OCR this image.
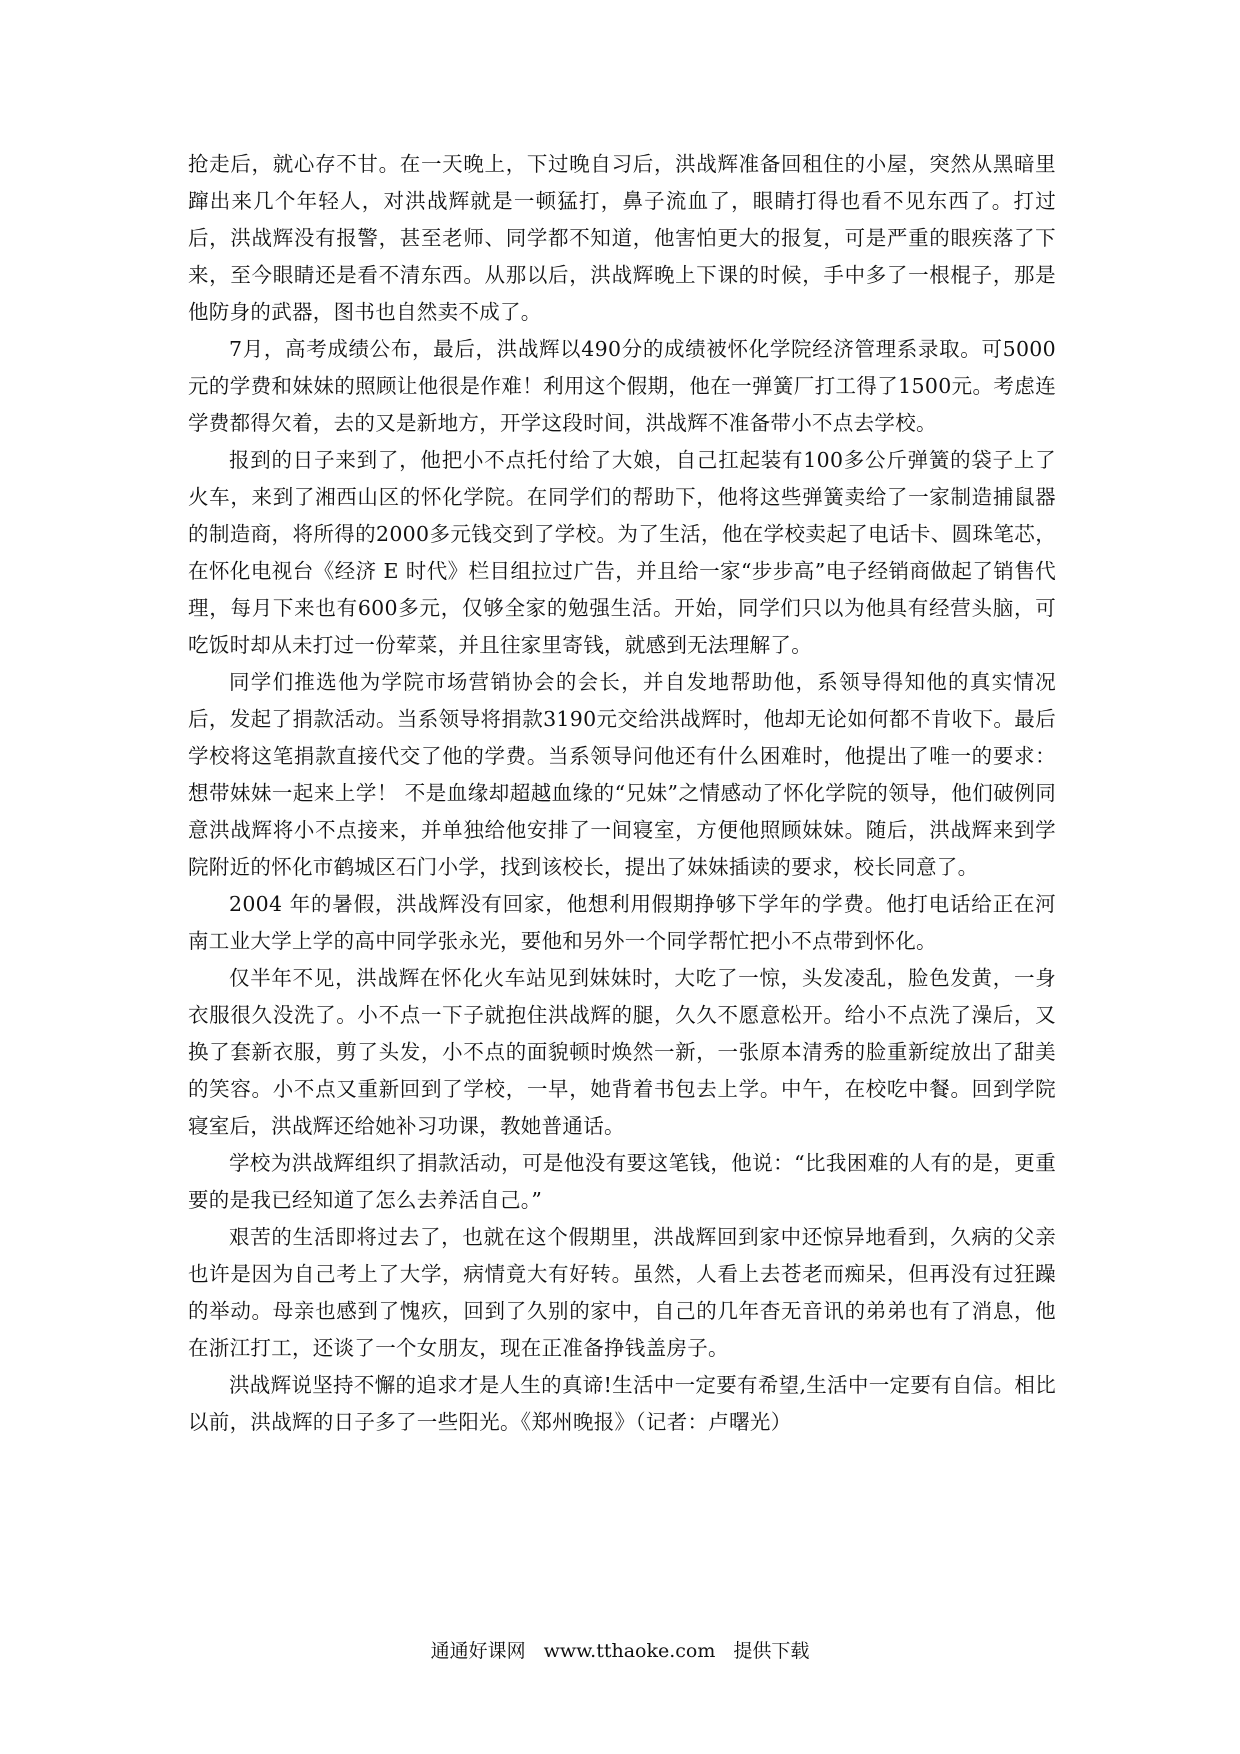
抢走后，就心存不甘。在一天晚上，下过晚自习后，洪战辉准备回租住的小屋，突然从黑暗里蹿出来几个年轻人，对洪战辉就是一顿猛打，鼻子流血了，眼睛打得也看不见东西了。打过后，洪战辉没有报警，甚至老师、同学都不知道，他害怕更大的报复，可是严重的眼疾落了下来，至今眼睛还是看不清东西。从那以后，洪战辉晚上下课的时候，手中多了一根棍子，那是他防身的武器，图书也自然卖不成了。

7月，高考成绩公布，最后，洪战辉以490分的成绩被怀化学院经济管理系录取。可5000元的学费和妹妹的照顾让他很是作难！利用这个假期，他在一弹簧厂打工得了1500元。考虑连学费都得欠着，去的又是新地方，开学这段时间，洪战辉不准备带小不点去学校。

报到的日子来到了，他把小不点托付给了大娘，自己扛起装有100多公斤弹簧的袋子上了火车，来到了湘西山区的怀化学院。在同学们的帮助下，他将这些弹簧卖给了一家制造捕鼠器的制造商，将所得的2000多元钱交到了学校。为了生活，他在学校卖起了电话卡、圆珠笔芯，在怀化电视台《经济 E 时代》栏目组拉过广告，并且给一家“步步高”电子经销商做起了销售代理，每月下来也有600多元，仅够全家的勉强生活。开始，同学们只以为他具有经营头脑，可吃饭时却从未打过一份荤菜，并且往家里寄钱，就感到无法理解了。

同学们推选他为学院市场营销协会的会长，并自发地帮助他，系领导得知他的真实情况后，发起了捐款活动。当系领导将捐款3190元交给洪战辉时，他却无论如何都不肯收下。最后学校将这笔捐款直接代交了他的学费。当系领导问他还有什么困难时，他提出了唯一的要求：想带妹妹一起来上学！ 不是血缘却超越血缘的“兄妹”之情感动了怀化学院的领导，他们破例同意洪战辉将小不点接来，并单独给他安排了一间寝室，方便他照顾妹妹。随后，洪战辉来到学院附近的怀化市鹤城区石门小学，找到该校长，提出了妹妹插读的要求，校长同意了。

2004 年的暑假，洪战辉没有回家，他想利用假期挣够下学年的学费。他打电话给正在河南工业大学上学的高中同学张永光，要他和另外一个同学帮忙把小不点带到怀化。

仅半年不见，洪战辉在怀化火车站见到妹妹时，大吃了一惊，头发凌乱，脸色发黄，一身衣服很久没洗了。小不点一下子就抱住洪战辉的腿，久久不愿意松开。给小不点洗了澡后，又换了套新衣服，剪了头发，小不点的面貌顿时焕然一新，一张原本清秀的脸重新绽放出了甜美的笑容。小不点又重新回到了学校，一早，她背着书包去上学。中午，在校吃中餐。回到学院寝室后，洪战辉还给她补习功课，教她普通话。

学校为洪战辉组织了捐款活动，可是他没有要这笔钱，他说：“比我困难的人有的是，更重要的是我已经知道了怎么去养活自己。”

艰苦的生活即将过去了，也就在这个假期里，洪战辉回到家中还惊异地看到，久病的父亲也许是因为自己考上了大学，病情竟大有好转。虽然，人看上去苍老而痴呆，但再没有过狂躁的举动。母亲也感到了愧疚，回到了久别的家中，自己的几年杳无音讯的弟弟也有了消息，他在浙江打工，还谈了一个女朋友，现在正准备挣钱盖房子。

洪战辉说坚持不懈的追求才是人生的真谛!生活中一定要有希望,生活中一定要有自信。相比以前，洪战辉的日子多了一些阳光。《郑州晚报》（记者：卢曙光）

通通好课网 www.tthaoke.com 提供下载
